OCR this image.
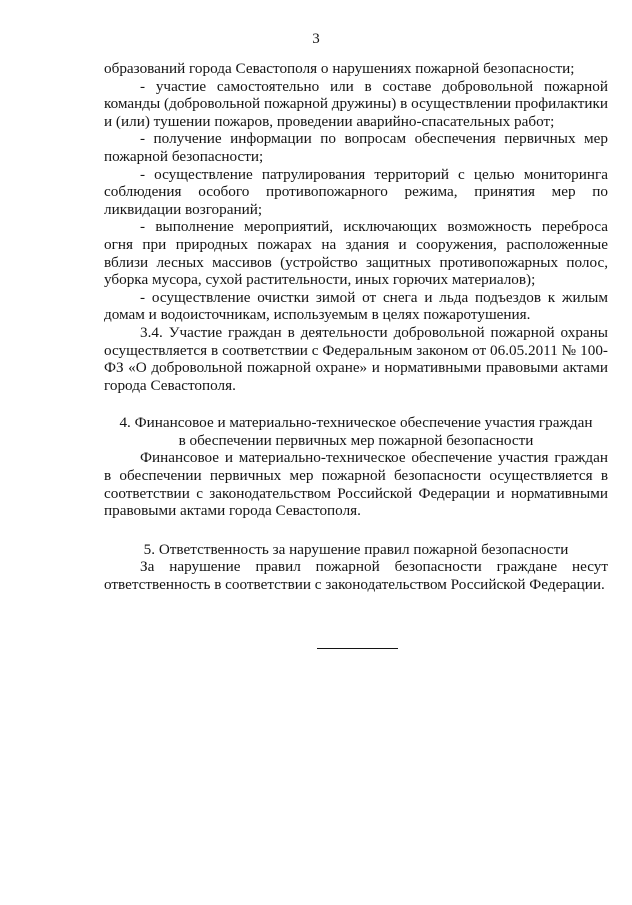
3

образований города Севастополя о нарушениях пожарной безопасности;

- участие самостоятельно или в составе добровольной пожарной команды (добровольной пожарной дружины) в осуществлении профилактики и (или) тушении пожаров, проведении аварийно-спасательных работ;

- получение информации по вопросам обеспечения первичных мер пожарной безопасности;

- осуществление патрулирования территорий с целью мониторинга соблюдения особого противопожарного режима, принятия мер по ликвидации возгораний;

- выполнение мероприятий, исключающих возможность переброса огня при природных пожарах на здания и сооружения, расположенные вблизи лесных массивов (устройство защитных противопожарных полос, уборка мусора, сухой растительности, иных горючих материалов);

- осуществление очистки зимой от снега и льда подъездов к жилым домам и водоисточникам, используемым в целях пожаротушения.

3.4. Участие граждан в деятельности добровольной пожарной охраны осуществляется в соответствии с Федеральным законом от 06.05.2011 № 100-ФЗ «О добровольной пожарной охране» и нормативными правовыми актами города Севастополя.

4. Финансовое и материально-техническое обеспечение участия граждан
в обеспечении первичных мер пожарной безопасности

Финансовое и материально-техническое обеспечение участия граждан в обеспечении первичных мер пожарной безопасности осуществляется в соответствии с законодательством Российской Федерации и нормативными правовыми актами города Севастополя.

5. Ответственность за нарушение правил пожарной безопасности

За нарушение правил пожарной безопасности граждане несут ответственность в соответствии с законодательством Российской Федерации.
